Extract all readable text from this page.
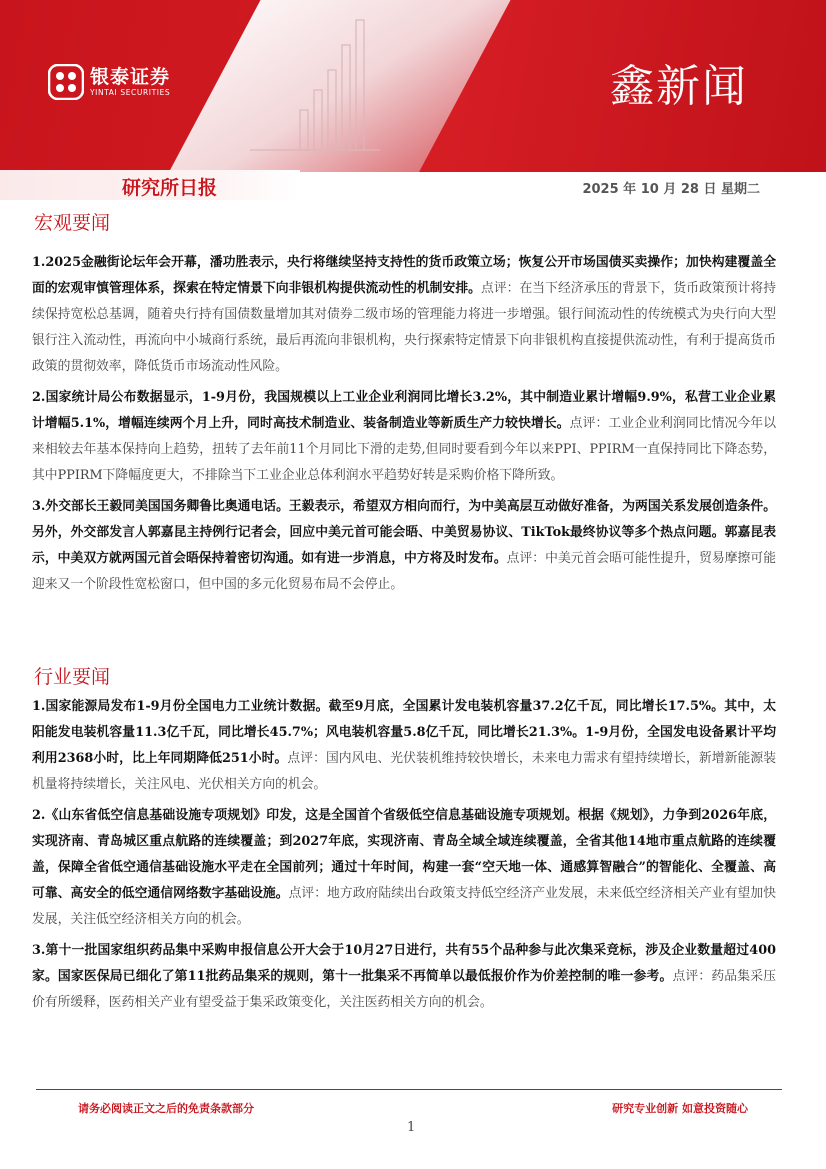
银泰证券
YINTAI SECURITIES	鑫新闻
研究所日报	2025 年 10 月 28 日 星期二
宏观要闻

1.2025金融街论坛年会开幕，潘功胜表示，央行将继续坚持支持性的货币政策立场；恢复公开市场国债买卖操作；加快构建覆盖全面的宏观审慎管理体系，探索在特定情景下向非银机构提供流动性的机制安排。点评：在当下经济承压的背景下，货币政策预计将持续保持宽松总基调，随着央行持有国债数量增加其对债券二级市场的管理能力将进一步增强。银行间流动性的传统模式为央行向大型银行注入流动性，再流向中小城商行系统，最后再流向非银机构，央行探索特定情景下向非银机构直接提供流动性，有利于提高货币政策的贯彻效率，降低货币市场流动性风险。

2.国家统计局公布数据显示，1-9月份，我国规模以上工业企业利润同比增长3.2%，其中制造业累计增幅9.9%，私营工业企业累计增幅5.1%，增幅连续两个月上升，同时高技术制造业、装备制造业等新质生产力较快增长。点评：工业企业利润同比情况今年以来相较去年基本保持向上趋势，扭转了去年前11个月同比下滑的走势,但同时要看到今年以来PPI、PPIRM一直保持同比下降态势，其中PPIRM下降幅度更大，不排除当下工业企业总体利润水平趋势好转是采购价格下降所致。

3.外交部长王毅同美国国务卿鲁比奥通电话。王毅表示，希望双方相向而行，为中美高层互动做好准备，为两国关系发展创造条件。另外，外交部发言人郭嘉昆主持例行记者会，回应中美元首可能会晤、中美贸易协议、TikTok最终协议等多个热点问题。郭嘉昆表示，中美双方就两国元首会晤保持着密切沟通。如有进一步消息，中方将及时发布。点评：中美元首会晤可能性提升，贸易摩擦可能迎来又一个阶段性宽松窗口，但中国的多元化贸易布局不会停止。

行业要闻

1.国家能源局发布1-9月份全国电力工业统计数据。截至9月底，全国累计发电装机容量37.2亿千瓦，同比增长17.5%。其中，太阳能发电装机容量11.3亿千瓦，同比增长45.7%；风电装机容量5.8亿千瓦，同比增长21.3%。1-9月份，全国发电设备累计平均利用2368小时，比上年同期降低251小时。点评：国内风电、光伏装机维持较快增长，未来电力需求有望持续增长，新增新能源装机量将持续增长，关注风电、光伏相关方向的机会。

2.《山东省低空信息基础设施专项规划》印发，这是全国首个省级低空信息基础设施专项规划。根据《规划》，力争到2026年底，实现济南、青岛城区重点航路的连续覆盖；到2027年底，实现济南、青岛全域全域连续覆盖，全省其他14地市重点航路的连续覆盖，保障全省低空通信基础设施水平走在全国前列；通过十年时间，构建一套“空天地一体、通感算智融合”的智能化、全覆盖、高可靠、高安全的低空通信网络数字基础设施。点评：地方政府陆续出台政策支持低空经济产业发展，未来低空经济相关产业有望加快发展，关注低空经济相关方向的机会。

3.第十一批国家组织药品集中采购申报信息公开大会于10月27日进行，共有55个品种参与此次集采竞标，涉及企业数量超过400家。国家医保局已细化了第11批药品集采的规则，第十一批集采不再简单以最低报价作为价差控制的唯一参考。点评：药品集采压价有所缓释，医药相关产业有望受益于集采政策变化，关注医药相关方向的机会。

请务必阅读正文之后的免责条款部分	研究专业创新 如意投资随心
1
